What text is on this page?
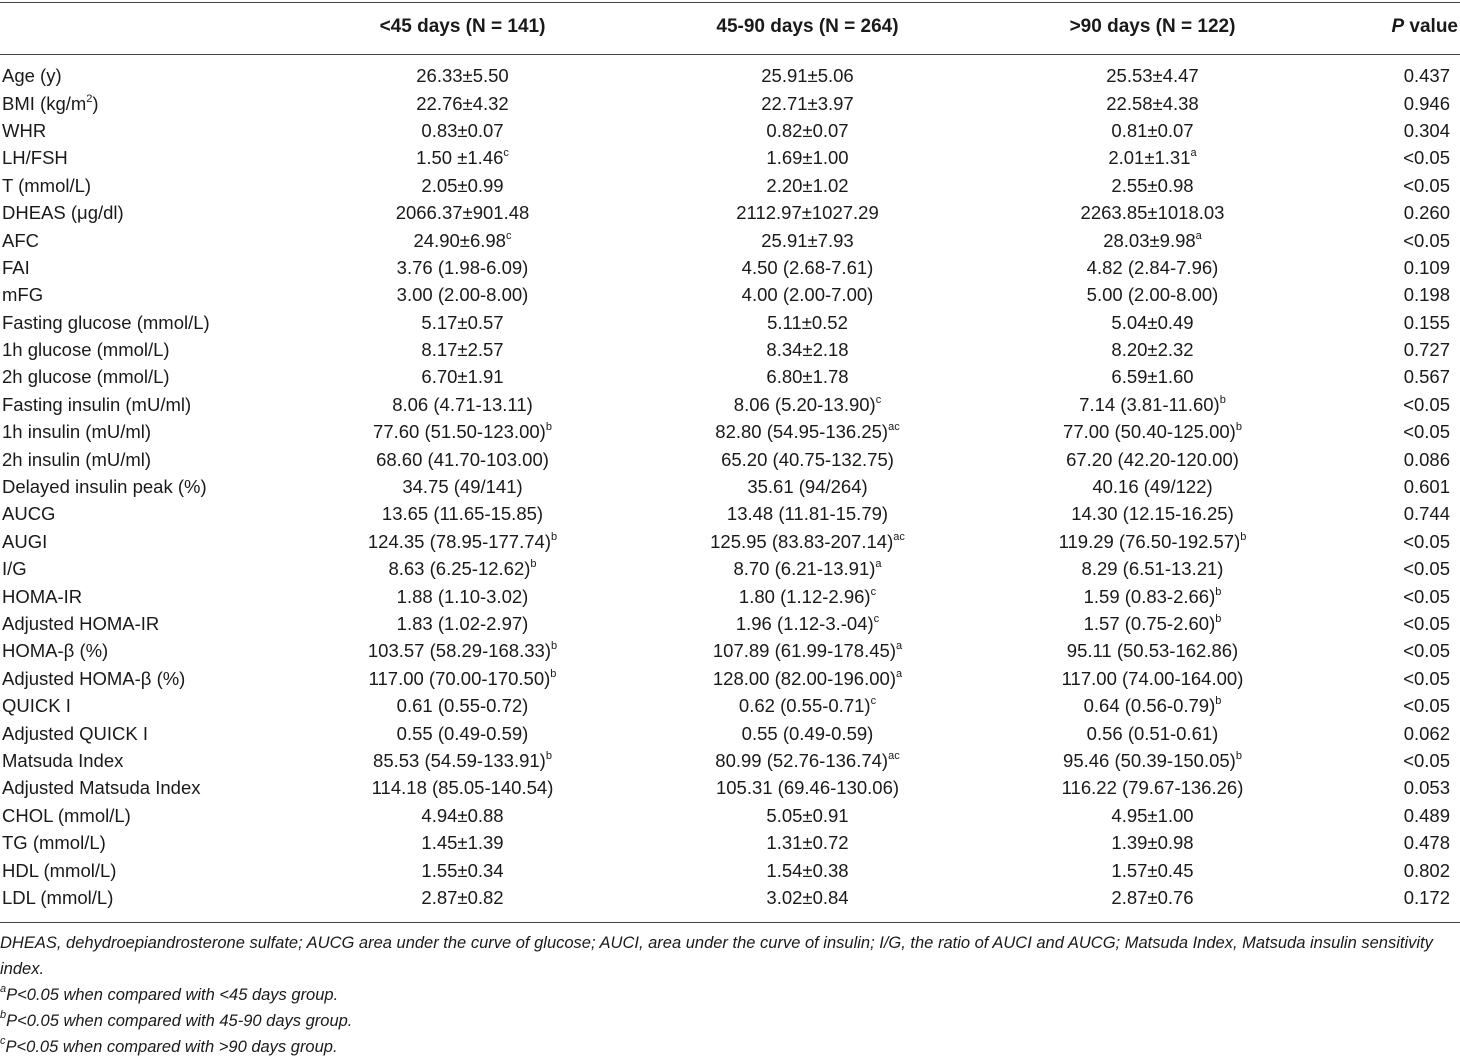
	<45 days (N = 141)	45-90 days (N = 264)	>90 days (N = 122)	P value
Age (y)	26.33±5.50	25.91±5.06	25.53±4.47	0.437
BMI $(kg/m^2)$	22.76±4.32	22.71±3.97	22.58±4.38	0.946
WHR	0.83±0.07	0.82±0.07	0.81±0.07	0.304
LH/FSH	1.50 ±1.46$^c$	1.69±1.00	2.01±1.31$^a$	<0.05
T (mmol/L)	2.05±0.99	2.20±1.02	2.55±0.98	<0.05
DHEAS (μg/dl)	2066.37±901.48	2112.97±1027.29	2263.85±1018.03	0.260
AFC	24.90±6.98$^c$	25.91±7.93	28.03±9.98$^a$	<0.05
FAI	3.76 (1.98-6.09)	4.50 (2.68-7.61)	4.82 (2.84-7.96)	0.109
mFG	3.00 (2.00-8.00)	4.00 (2.00-7.00)	5.00 (2.00-8.00)	0.198
Fasting glucose (mmol/L)	5.17±0.57	5.11±0.52	5.04±0.49	0.155
1h glucose (mmol/L)	8.17±2.57	8.34±2.18	8.20±2.32	0.727
2h glucose (mmol/L)	6.70±1.91	6.80±1.78	6.59±1.60	0.567
Fasting insulin (mU/ml)	8.06 (4.71-13.11)	8.06 $(5.20-13.90)^c$	7.14 $(3.81-11.60)^b$	<0.05
1h insulin (mU/ml)	77.60 $(51.50-123.00)^b$	82.80 $(54.95-136.25)^{ac}$	77.00 $(50.40-125.00)^b$	<0.05
2h insulin (mU/ml)	68.60 (41.70-103.00)	65.20 (40.75-132.75)	67.20 (42.20-120.00)	0.086
Delayed insulin peak (%)	34.75 (49/141)	35.61 (94/264)	40.16 (49/122)	0.601
AUCG	13.65 (11.65-15.85)	13.48 (11.81-15.79)	14.30 (12.15-16.25)	0.744
AUGI	124.35 $(78.95-177.74)^b$	125.95 $(83.83-207.14)^{ac}$	119.29 $(76.50-192.57)^b$	<0.05
I/G	8.63 $(6.25-12.62)^b$	8.70 $(6.21-13.91)^a$	8.29 (6.51-13.21)	<0.05
HOMA-IR	1.88 (1.10-3.02)	1.80 $(1.12-2.96)^c$	1.59 $(0.83-2.66)^b$	<0.05
Adjusted HOMA-IR	1.83 (1.02-2.97)	1.96 $(1.12-3.-04)^c$	1.57 $(0.75-2.60)^b$	<0.05
HOMA-β (%)	103.57 $(58.29-168.33)^b$	107.89 $(61.99-178.45)^a$	95.11 (50.53-162.86)	<0.05
Adjusted HOMA-β (%)	117.00 $(70.00-170.50)^b$	128.00 $(82.00-196.00)^a$	117.00 (74.00-164.00)	<0.05
QUICK I	0.61 (0.55-0.72)	0.62 $(0.55-0.71)^c$	0.64 $(0.56-0.79)^b$	<0.05
Adjusted QUICK I	0.55 (0.49-0.59)	0.55 (0.49-0.59)	0.56 (0.51-0.61)	0.062
Matsuda Index	85.53 $(54.59-133.91)^b$	80.99 $(52.76-136.74)^{ac}$	95.46 $(50.39-150.05)^b$	<0.05
Adjusted Matsuda Index	114.18 (85.05-140.54)	105.31 (69.46-130.06)	116.22 (79.67-136.26)	0.053
CHOL (mmol/L)	4.94±0.88	5.05±0.91	4.95±1.00	0.489
TG (mmol/L)	1.45±1.39	1.31±0.72	1.39±0.98	0.478
HDL (mmol/L)	1.55±0.34	1.54±0.38	1.57±0.45	0.802
LDL (mmol/L)	2.87±0.82	3.02±0.84	2.87±0.76	0.172

DHEAS, dehydroepiandrosterone sulfate; AUCG area under the curve of glucose; AUCI, area under the curve of insulin; I/G, the ratio of AUCI and AUCG; Matsuda Index, Matsuda insulin sensitivity index.

$^a$P<0.05 when compared with <45 days group.

$^b$P<0.05 when compared with 45-90 days group.

$^c$P<0.05 when compared with >90 days group.
